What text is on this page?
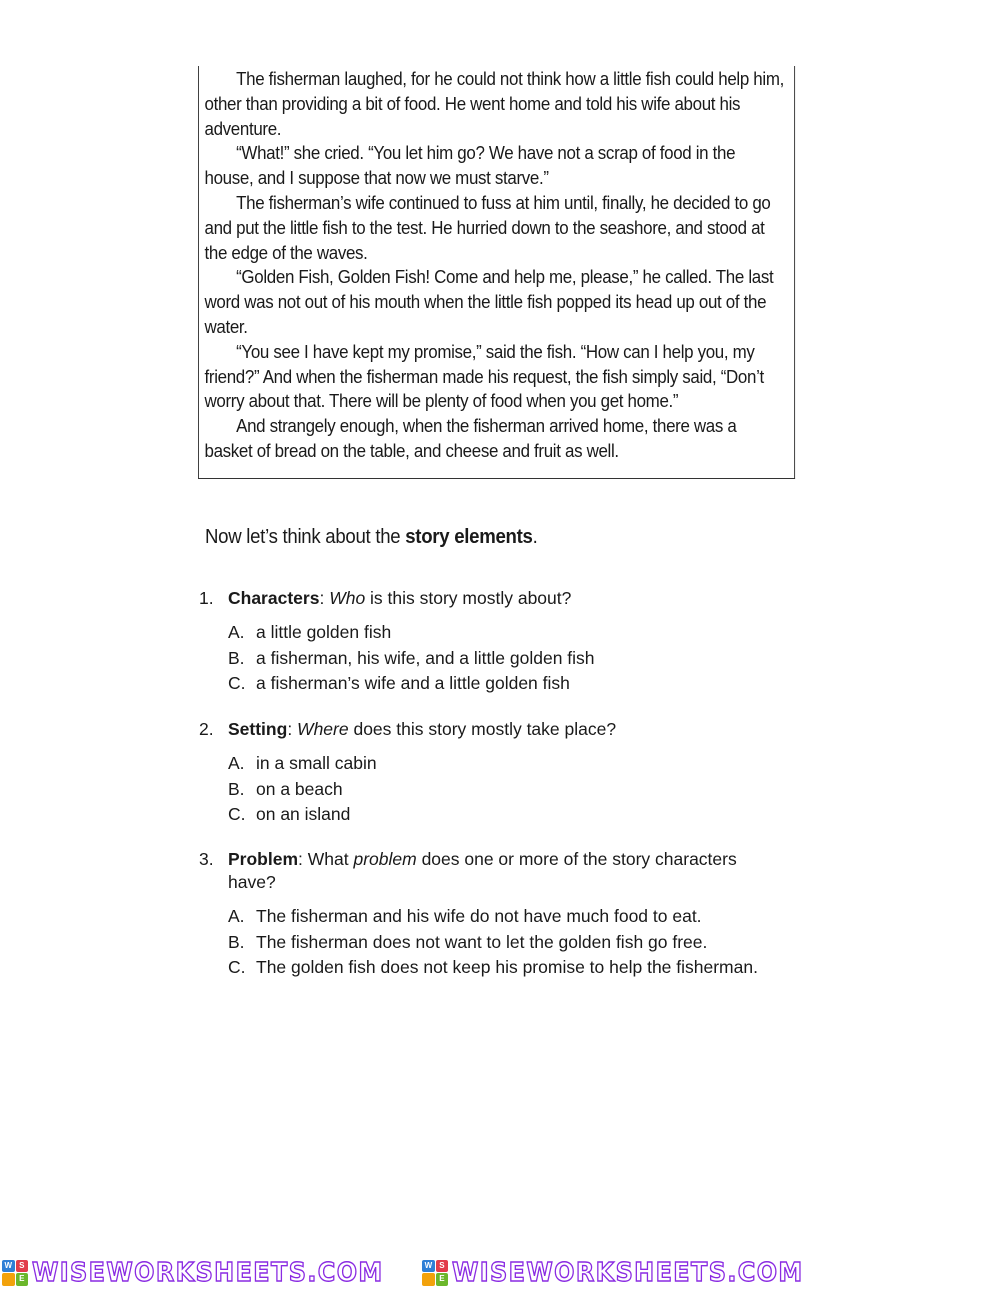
The fisherman laughed, for he could not think how a little fish could help him, other than providing a bit of food. He went home and told his wife about his adventure.

“What!” she cried. “You let him go? We have not a scrap of food in the house, and I suppose that now we must starve.”

The fisherman’s wife continued to fuss at him until, finally, he decided to go and put the little fish to the test. He hurried down to the seashore, and stood at the edge of the waves.

“Golden Fish, Golden Fish! Come and help me, please,” he called. The last word was not out of his mouth when the little fish popped its head up out of the water.

“You see I have kept my promise,” said the fish. “How can I help you, my friend?” And when the fisherman made his request, the fish simply said, “Don’t worry about that. There will be plenty of food when you get home.”

And strangely enough, when the fisherman arrived home, there was a basket of bread on the table, and cheese and fruit as well.

Now let’s think about the story elements.
1. Characters: Who is this story mostly about?
A. a little golden fish
B. a fisherman, his wife, and a little golden fish
C. a fisherman’s wife and a little golden fish
2. Setting: Where does this story mostly take place?
A. in a small cabin
B. on a beach
C. on an island
3. Problem: What problem does one or more of the story characters have?
A. The fisherman and his wife do not have much food to eat.
B. The fisherman does not want to let the golden fish go free.
C. The golden fish does not keep his promise to help the fisherman.
W S
E WISEWORKSHEETS.COM	W S
E WISEWORKSHEETS.COM
